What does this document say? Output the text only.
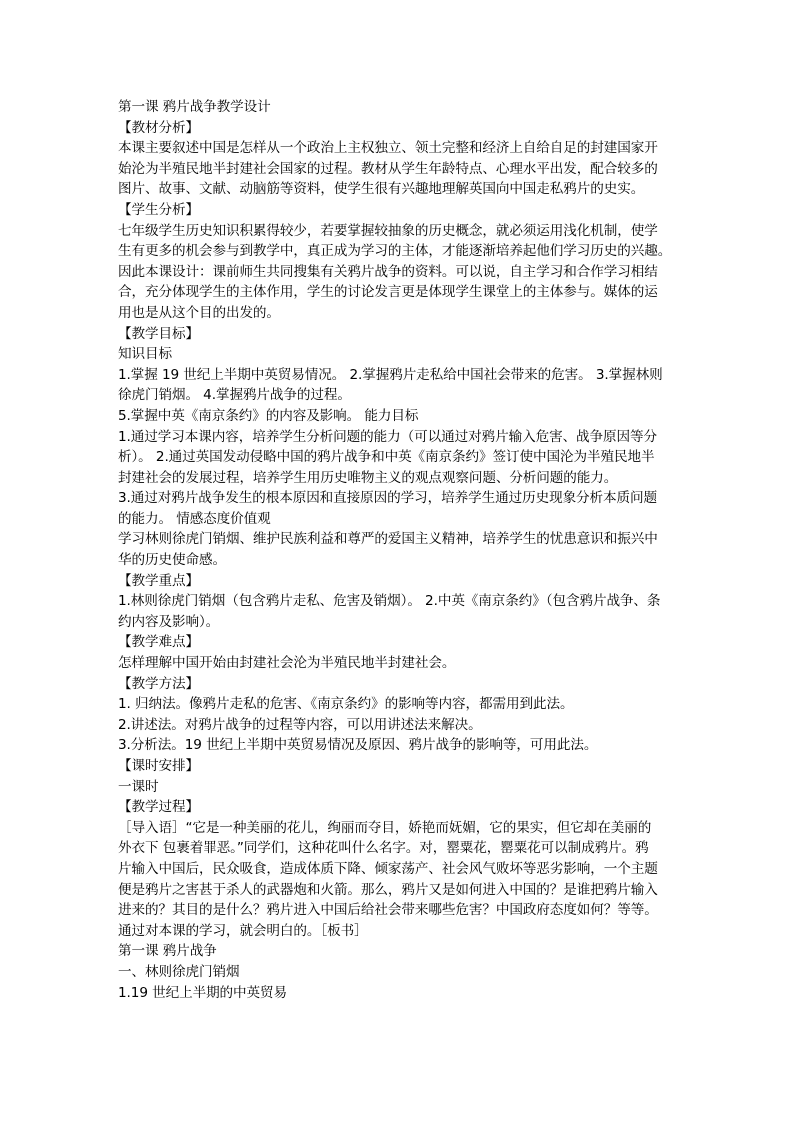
第一课 鸦片战争教学设计
【教材分析】
本课主要叙述中国是怎样从一个政治上主权独立、领土完整和经济上自给自足的封建国家开
始沦为半殖民地半封建社会国家的过程。教材从学生年龄特点、心理水平出发，配合较多的
图片、故事、文献、动脑筋等资料，使学生很有兴趣地理解英国向中国走私鸦片的史实。
【学生分析】
七年级学生历史知识积累得较少，若要掌握较抽象的历史概念，就必须运用浅化机制，使学
生有更多的机会参与到教学中，真正成为学习的主体，才能逐渐培养起他们学习历史的兴趣。
因此本课设计：课前师生共同搜集有关鸦片战争的资料。可以说，自主学习和合作学习相结
合，充分体现学生的主体作用，学生的讨论发言更是体现学生课堂上的主体参与。媒体的运
用也是从这个目的出发的。
【教学目标】
知识目标
1.掌握 19 世纪上半期中英贸易情况。 2.掌握鸦片走私给中国社会带来的危害。 3.掌握林则
徐虎门销烟。 4.掌握鸦片战争的过程。
5.掌握中英《南京条约》的内容及影响。 能力目标
1.通过学习本课内容，培养学生分析问题的能力（可以通过对鸦片输入危害、战争原因等分
析）。 2.通过英国发动侵略中国的鸦片战争和中英《南京条约》签订使中国沦为半殖民地半
封建社会的发展过程，培养学生用历史唯物主义的观点观察问题、分析问题的能力。
3.通过对鸦片战争发生的根本原因和直接原因的学习，培养学生通过历史现象分析本质问题
的能力。 情感态度价值观
学习林则徐虎门销烟、维护民族利益和尊严的爱国主义精神，培养学生的忧患意识和振兴中
华的历史使命感。
【教学重点】
1.林则徐虎门销烟（包含鸦片走私、危害及销烟）。 2.中英《南京条约》（包含鸦片战争、条
约内容及影响）。
【教学难点】
怎样理解中国开始由封建社会沦为半殖民地半封建社会。
【教学方法】
1. 归纳法。像鸦片走私的危害、《南京条约》的影响等内容，都需用到此法。
2.讲述法。对鸦片战争的过程等内容，可以用讲述法来解决。
3.分析法。19 世纪上半期中英贸易情况及原因、鸦片战争的影响等，可用此法。
【课时安排】
一课时
【教学过程】
［导入语］“它是一种美丽的花儿，绚丽而夺目，娇艳而妩媚，它的果实，但它却在美丽的
外衣下 包裹着罪恶。”同学们，这种花叫什么名字。对，罂粟花，罂粟花可以制成鸦片。鸦
片输入中国后，民众吸食，造成体质下降、倾家荡产、社会风气败坏等恶劣影响，一个主题
便是鸦片之害甚于杀人的武器炮和火箭。那么，鸦片又是如何进入中国的？是谁把鸦片输入
进来的？其目的是什么？鸦片进入中国后给社会带来哪些危害？中国政府态度如何？等等。
通过对本课的学习，就会明白的。［板书］
第一课 鸦片战争
一、林则徐虎门销烟
1.19 世纪上半期的中英贸易
